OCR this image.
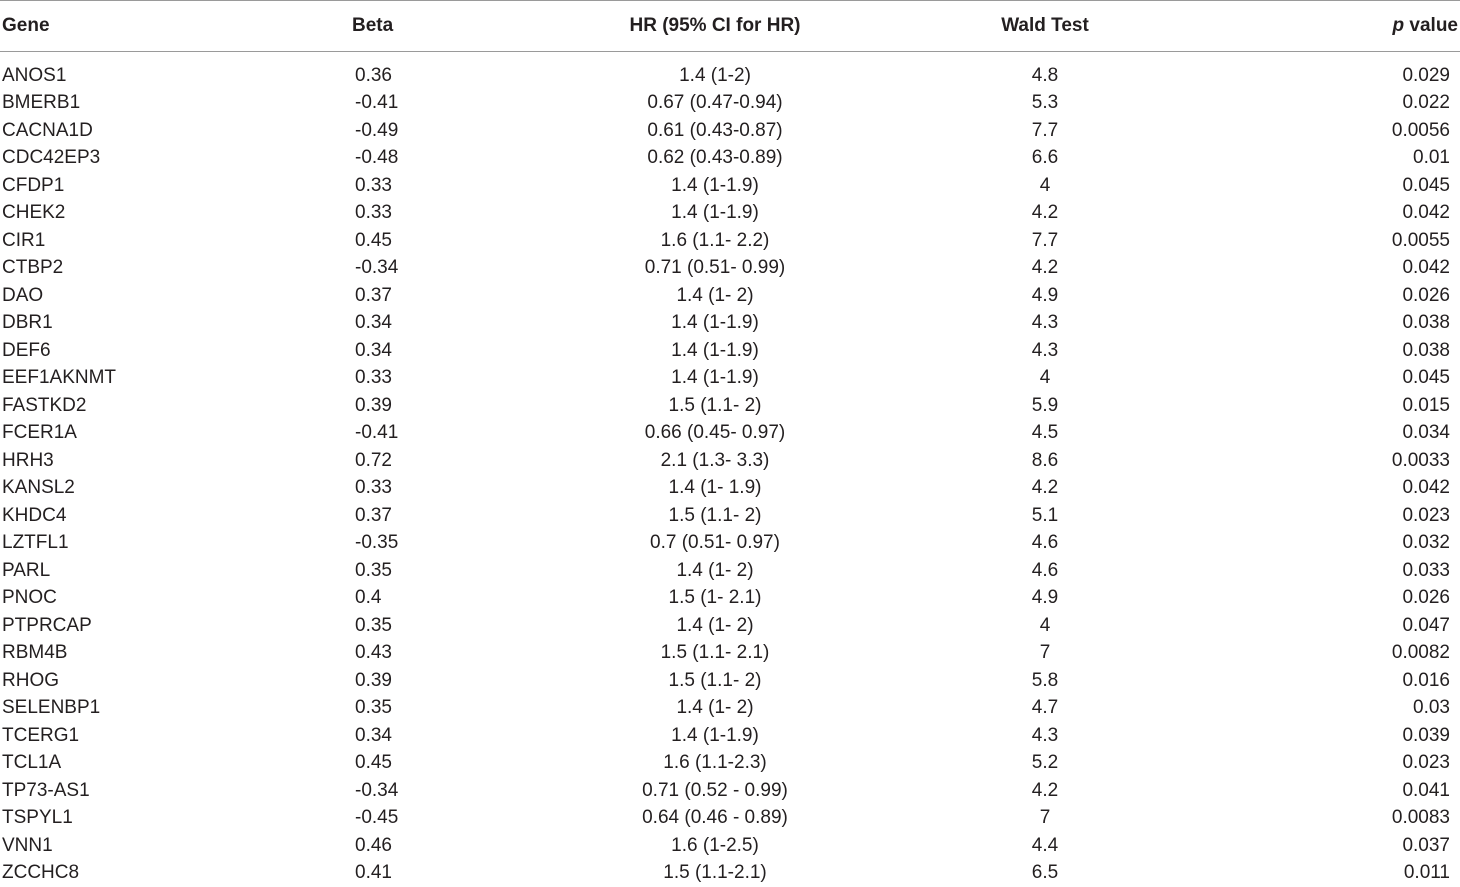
Gene	Beta	HR (95% CI for HR)	Wald Test	p value
ANOS1	0.36	1.4 (1-2)	4.8	0.029
BMERB1	-0.41	0.67 (0.47-0.94)	5.3	0.022
CACNA1D	-0.49	0.61 (0.43-0.87)	7.7	0.0056
CDC42EP3	-0.48	0.62 (0.43-0.89)	6.6	0.01
CFDP1	0.33	1.4 (1-1.9)	4	0.045
CHEK2	0.33	1.4 (1-1.9)	4.2	0.042
CIR1	0.45	1.6 (1.1- 2.2)	7.7	0.0055
CTBP2	-0.34	0.71 (0.51- 0.99)	4.2	0.042
DAO	0.37	1.4 (1- 2)	4.9	0.026
DBR1	0.34	1.4 (1-1.9)	4.3	0.038
DEF6	0.34	1.4 (1-1.9)	4.3	0.038
EEF1AKNMT	0.33	1.4 (1-1.9)	4	0.045
FASTKD2	0.39	1.5 (1.1- 2)	5.9	0.015
FCER1A	-0.41	0.66 (0.45- 0.97)	4.5	0.034
HRH3	0.72	2.1 (1.3- 3.3)	8.6	0.0033
KANSL2	0.33	1.4 (1- 1.9)	4.2	0.042
KHDC4	0.37	1.5 (1.1- 2)	5.1	0.023
LZTFL1	-0.35	0.7 (0.51- 0.97)	4.6	0.032
PARL	0.35	1.4 (1- 2)	4.6	0.033
PNOC	0.4	1.5 (1- 2.1)	4.9	0.026
PTPRCAP	0.35	1.4 (1- 2)	4	0.047
RBM4B	0.43	1.5 (1.1- 2.1)	7	0.0082
RHOG	0.39	1.5 (1.1- 2)	5.8	0.016
SELENBP1	0.35	1.4 (1- 2)	4.7	0.03
TCERG1	0.34	1.4 (1-1.9)	4.3	0.039
TCL1A	0.45	1.6 (1.1-2.3)	5.2	0.023
TP73-AS1	-0.34	0.71 (0.52 - 0.99)	4.2	0.041
TSPYL1	-0.45	0.64 (0.46 - 0.89)	7	0.0083
VNN1	0.46	1.6 (1-2.5)	4.4	0.037
ZCCHC8	0.41	1.5 (1.1-2.1)	6.5	0.011
